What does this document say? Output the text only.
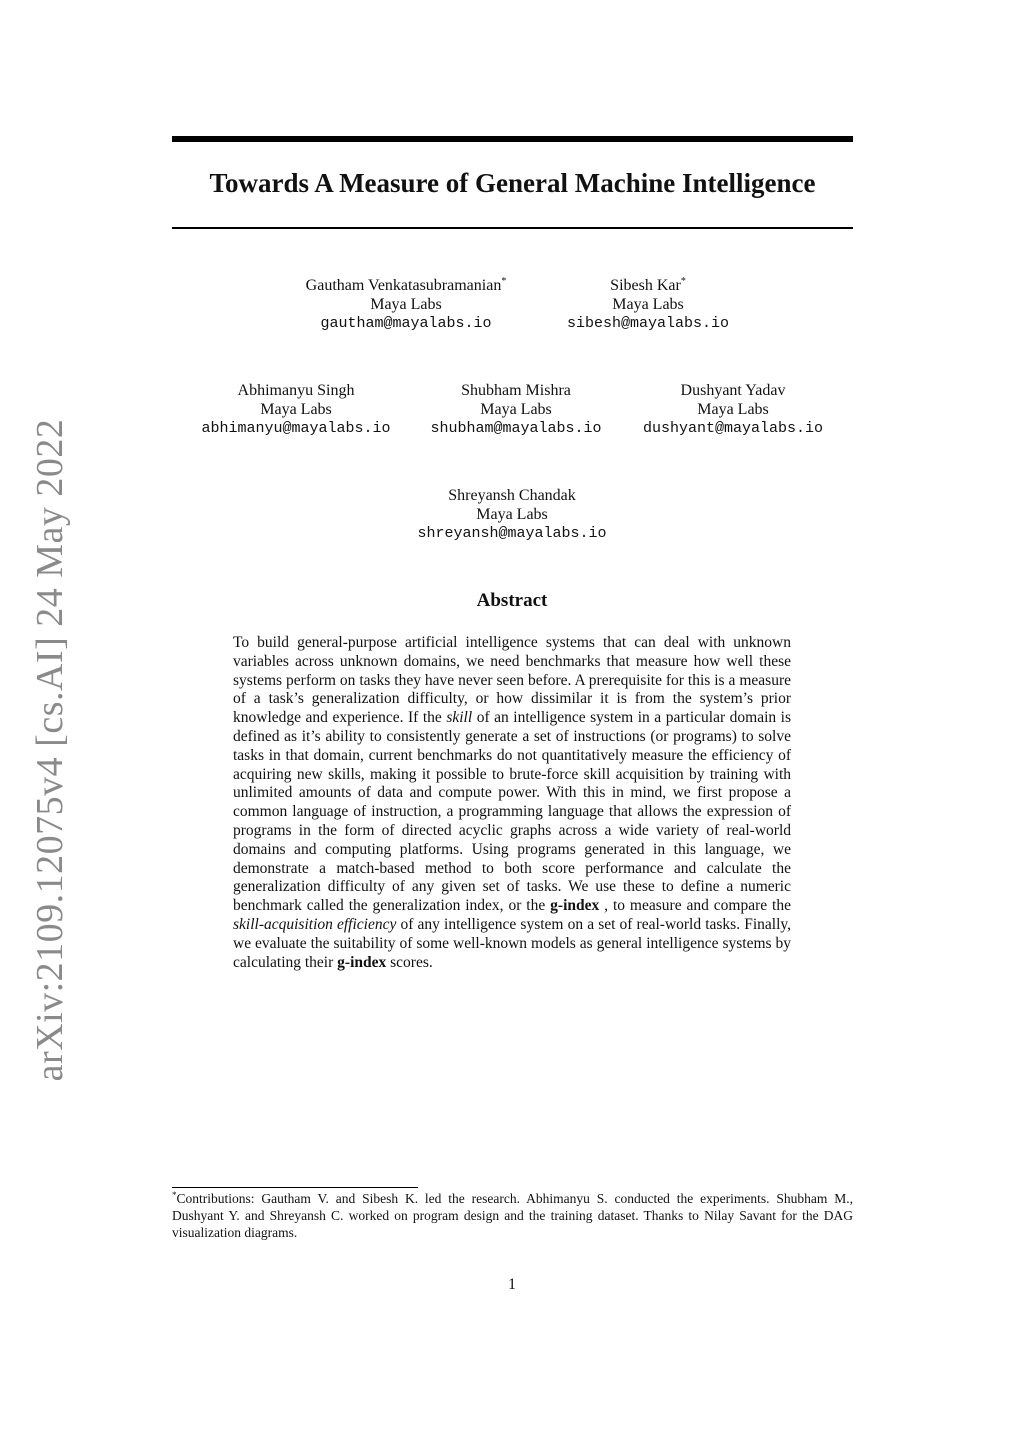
arXiv:2109.12075v4 [cs.AI] 24 May 2022
Towards A Measure of General Machine Intelligence
Gautham Venkatasubramanian*
Maya Labs
gautham@mayalabs.io
Sibesh Kar*
Maya Labs
sibesh@mayalabs.io
Abhimanyu Singh
Maya Labs
abhimanyu@mayalabs.io
Shubham Mishra
Maya Labs
shubham@mayalabs.io
Dushyant Yadav
Maya Labs
dushyant@mayalabs.io
Shreyansh Chandak
Maya Labs
shreyansh@mayalabs.io
Abstract

To build general-purpose artificial intelligence systems that can deal with unknown variables across unknown domains, we need benchmarks that measure how well these systems perform on tasks they have never seen before. A prerequisite for this is a measure of a task’s generalization difficulty, or how dissimilar it is from the system’s prior knowledge and experience. If the skill of an intelligence system in a particular domain is defined as it’s ability to consistently generate a set of instructions (or programs) to solve tasks in that domain, current benchmarks do not quantitatively measure the efficiency of acquiring new skills, making it possible to brute-force skill acquisition by training with unlimited amounts of data and compute power. With this in mind, we first propose a common language of instruction, a programming language that allows the expression of programs in the form of directed acyclic graphs across a wide variety of real-world domains and computing platforms. Using programs generated in this language, we demonstrate a match-based method to both score performance and calculate the generalization difficulty of any given set of tasks. We use these to define a numeric benchmark called the generalization index, or the g-index , to measure and compare the skill-acquisition efficiency of any intelligence system on a set of real-world tasks. Finally, we evaluate the suitability of some well-known models as general intelligence systems by calculating their g-index scores.

*Contributions: Gautham V. and Sibesh K. led the research. Abhimanyu S. conducted the experiments. Shubham M., Dushyant Y. and Shreyansh C. worked on program design and the training dataset. Thanks to Nilay Savant for the DAG visualization diagrams.

1
